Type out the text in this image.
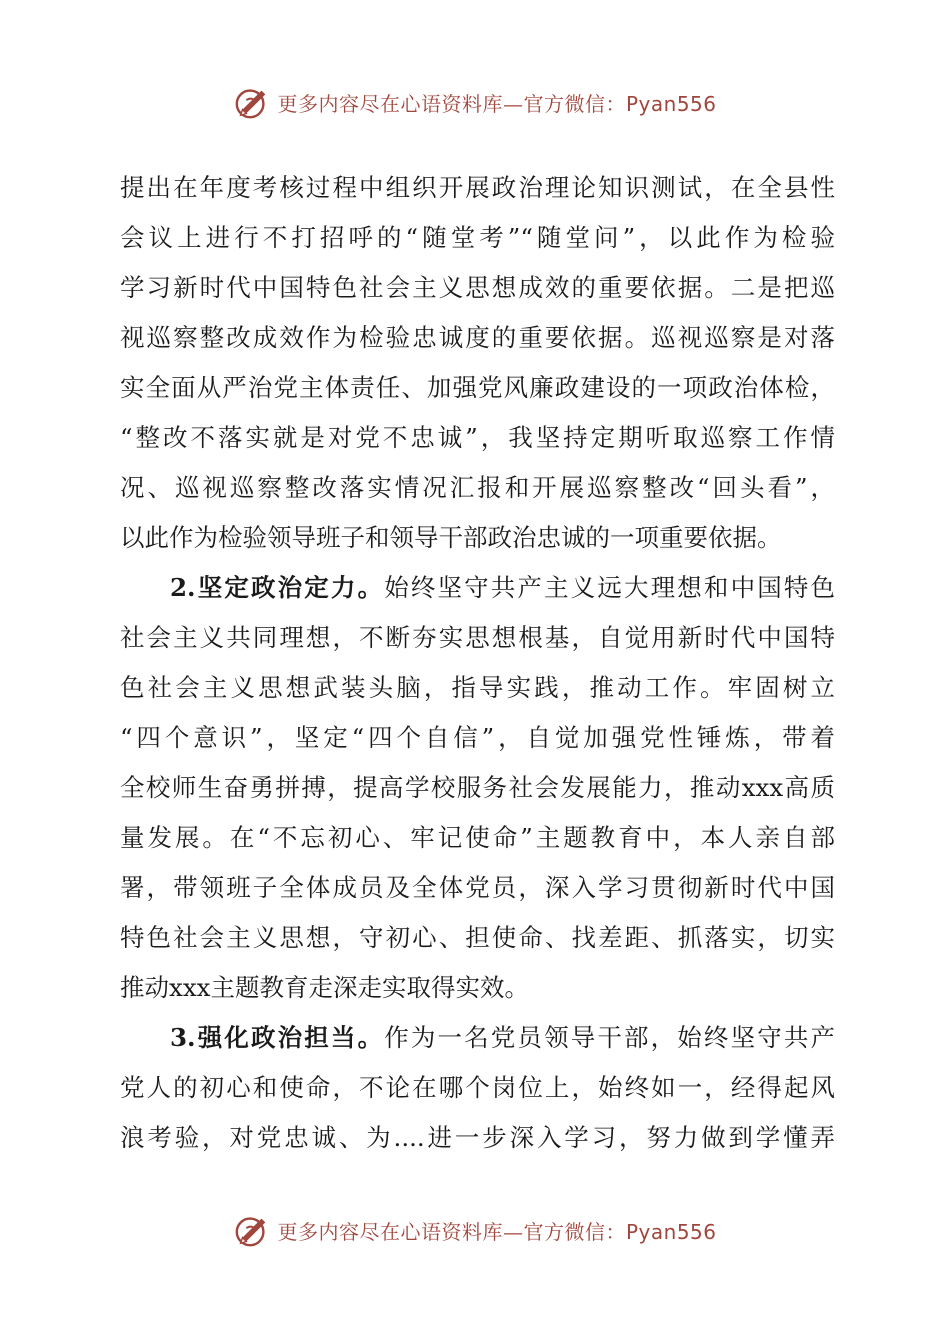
更多内容尽在心语资料库—官方微信：Pyan556
提出在年度考核过程中组织开展政治理论知识测试，在全县性
会议上进行不打招呼的“随堂考”“随堂问”，以此作为检验
学习新时代中国特色社会主义思想成效的重要依据。二是把巡
视巡察整改成效作为检验忠诚度的重要依据。巡视巡察是对落
实全面从严治党主体责任、加强党风廉政建设的一项政治体检，
“整改不落实就是对党不忠诚”，我坚持定期听取巡察工作情
况、巡视巡察整改落实情况汇报和开展巡察整改“回头看”，
以此作为检验领导班子和领导干部政治忠诚的一项重要依据。
2.坚定政治定力。始终坚守共产主义远大理想和中国特色
社会主义共同理想，不断夯实思想根基，自觉用新时代中国特
色社会主义思想武装头脑，指导实践，推动工作。牢固树立
“四个意识”，坚定“四个自信”，自觉加强党性锤炼，带着
全校师生奋勇拼搏，提高学校服务社会发展能力，推动xxx高质
量发展。在“不忘初心、牢记使命”主题教育中，本人亲自部
署，带领班子全体成员及全体党员，深入学习贯彻新时代中国
特色社会主义思想，守初心、担使命、找差距、抓落实，切实
推动xxx主题教育走深走实取得实效。
3.强化政治担当。作为一名党员领导干部，始终坚守共产
党人的初心和使命，不论在哪个岗位上，始终如一，经得起风
浪考验，对党忠诚、为....进一步深入学习，努力做到学懂弄
更多内容尽在心语资料库—官方微信：Pyan556
